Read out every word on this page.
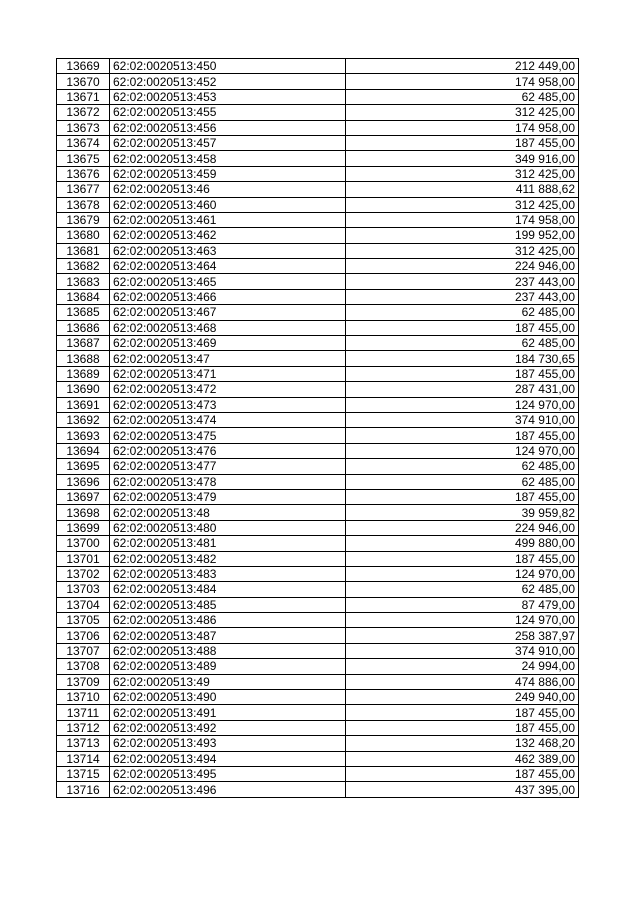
13669	62:02:0020513:450	212 449,00
13670	62:02:0020513:452	174 958,00
13671	62:02:0020513:453	62 485,00
13672	62:02:0020513:455	312 425,00
13673	62:02:0020513:456	174 958,00
13674	62:02:0020513:457	187 455,00
13675	62:02:0020513:458	349 916,00
13676	62:02:0020513:459	312 425,00
13677	62:02:0020513:46	411 888,62
13678	62:02:0020513:460	312 425,00
13679	62:02:0020513:461	174 958,00
13680	62:02:0020513:462	199 952,00
13681	62:02:0020513:463	312 425,00
13682	62:02:0020513:464	224 946,00
13683	62:02:0020513:465	237 443,00
13684	62:02:0020513:466	237 443,00
13685	62:02:0020513:467	62 485,00
13686	62:02:0020513:468	187 455,00
13687	62:02:0020513:469	62 485,00
13688	62:02:0020513:47	184 730,65
13689	62:02:0020513:471	187 455,00
13690	62:02:0020513:472	287 431,00
13691	62:02:0020513:473	124 970,00
13692	62:02:0020513:474	374 910,00
13693	62:02:0020513:475	187 455,00
13694	62:02:0020513:476	124 970,00
13695	62:02:0020513:477	62 485,00
13696	62:02:0020513:478	62 485,00
13697	62:02:0020513:479	187 455,00
13698	62:02:0020513:48	39 959,82
13699	62:02:0020513:480	224 946,00
13700	62:02:0020513:481	499 880,00
13701	62:02:0020513:482	187 455,00
13702	62:02:0020513:483	124 970,00
13703	62:02:0020513:484	62 485,00
13704	62:02:0020513:485	87 479,00
13705	62:02:0020513:486	124 970,00
13706	62:02:0020513:487	258 387,97
13707	62:02:0020513:488	374 910,00
13708	62:02:0020513:489	24 994,00
13709	62:02:0020513:49	474 886,00
13710	62:02:0020513:490	249 940,00
13711	62:02:0020513:491	187 455,00
13712	62:02:0020513:492	187 455,00
13713	62:02:0020513:493	132 468,20
13714	62:02:0020513:494	462 389,00
13715	62:02:0020513:495	187 455,00
13716	62:02:0020513:496	437 395,00
